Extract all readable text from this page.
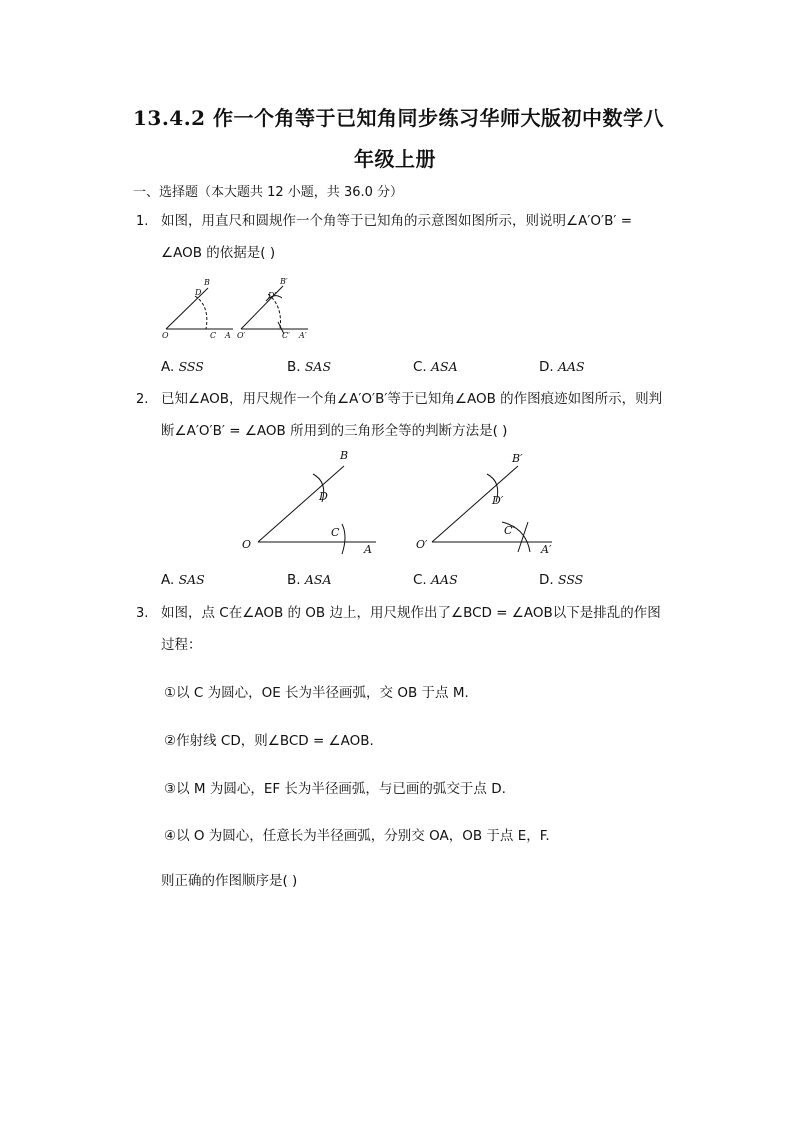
13.4.2 作一个角等于已知角同步练习华师大版初中数学八
年级上册
一、选择题（本大题共 12 小题，共 36.0 分）
1. 如图，用直尺和圆规作一个角等于已知角的示意图如图所示，则说明∠A′O′B′ =
∠AOB 的依据是( )
B
D
O	C A
B′
D′
O′	C′ A′
A. SSS	B. SAS	C. ASA	D. AAS
2. 已知∠AOB，用尺规作一个角∠A′O′B′等于已知角∠AOB 的作图痕迹如图所示，则判
断∠A′O′B′ = ∠AOB 所用到的三角形全等的判断方法是( )
B
D
C
O	A
B′
D′
C′
O′	A′
A. SAS	B. ASA	C. AAS	D. SSS
3. 如图，点 C在∠AOB 的 OB 边上，用尺规作出了∠BCD = ∠AOB以下是排乱的作图
过程：
①以 C 为圆心，OE 长为半径画弧，交 OB 于点 M.
②作射线 CD，则∠BCD = ∠AOB.
③以 M 为圆心，EF 长为半径画弧，与已画的弧交于点 D.
④以 O 为圆心，任意长为半径画弧，分别交 OA，OB 于点 E，F.
则正确的作图顺序是( )
